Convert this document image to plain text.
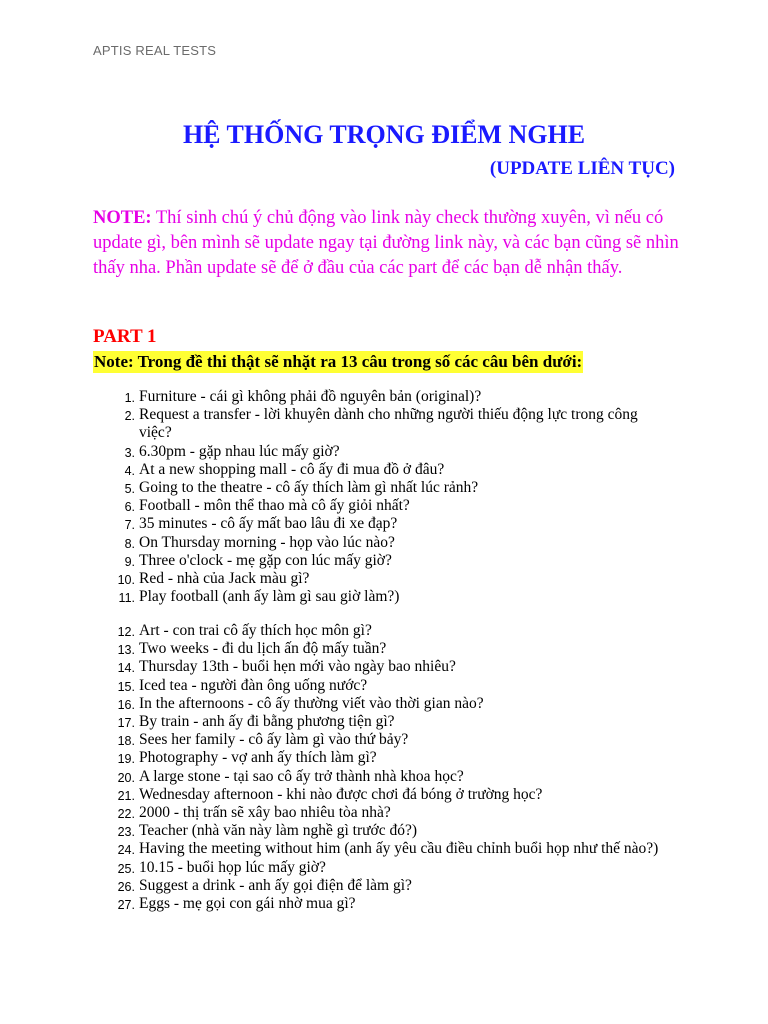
APTIS REAL TESTS
HỆ THỐNG TRỌNG ĐIỂM NGHE
(UPDATE LIÊN TỤC)
NOTE: Thí sinh chú ý chủ động vào link này check thường xuyên, vì nếu có update gì, bên mình sẽ update ngay tại đường link này, và các bạn cũng sẽ nhìn thấy nha. Phần update sẽ để ở đầu của các part để các bạn dễ nhận thấy.
PART 1
Note: Trong đề thi thật sẽ nhặt ra 13 câu trong số các câu bên dưới:
1. Furniture - cái gì không phải đồ nguyên bản (original)?
2. Request a transfer - lời khuyên dành cho những người thiếu động lực trong công việc?
3. 6.30pm - gặp nhau lúc mấy giờ?
4. At a new shopping mall - cô ấy đi mua đồ ở đâu?
5. Going to the theatre - cô ấy thích làm gì nhất lúc rảnh?
6. Football - môn thể thao mà cô ấy giỏi nhất?
7. 35 minutes - cô ấy mất bao lâu đi xe đạp?
8. On Thursday morning - họp vào lúc nào?
9. Three o'clock - mẹ gặp con lúc mấy giờ?
10. Red - nhà của Jack màu gì?
11. Play football (anh ấy làm gì sau giờ làm?)
12. Art - con trai cô ấy thích học môn gì?
13. Two weeks - đi du lịch ấn độ mấy tuần?
14. Thursday 13th - buổi hẹn mới vào ngày bao nhiêu?
15. Iced tea - người đàn ông uống nước?
16. In the afternoons - cô ấy thường viết vào thời gian nào?
17. By train - anh ấy đi bằng phương tiện gì?
18. Sees her family - cô ấy làm gì vào thứ bảy?
19. Photography - vợ anh ấy thích làm gì?
20. A large stone - tại sao cô ấy trở thành nhà khoa học?
21. Wednesday afternoon - khi nào được chơi đá bóng ở trường học?
22. 2000 - thị trấn sẽ xây bao nhiêu tòa nhà?
23. Teacher (nhà văn này làm nghề gì trước đó?)
24. Having the meeting without him (anh ấy yêu cầu điều chỉnh buổi họp như thế nào?)
25. 10.15 - buổi họp lúc mấy giờ?
26. Suggest a drink - anh ấy gọi điện để làm gì?
27. Eggs - mẹ gọi con gái nhờ mua gì?
